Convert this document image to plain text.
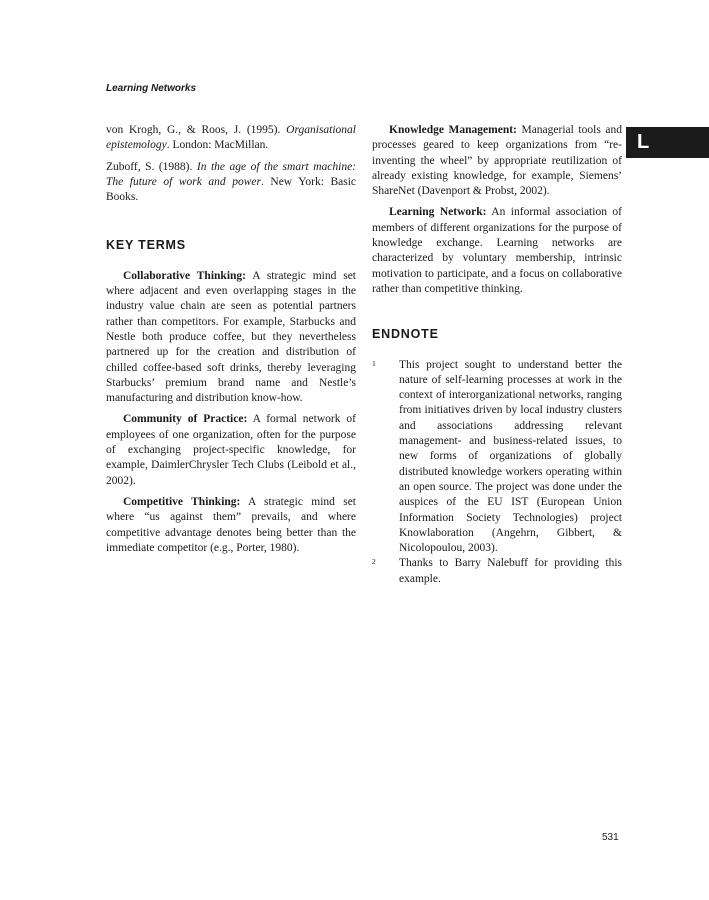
Learning Networks
L

von Krogh, G., & Roos, J. (1995). Organisational epistemology. London: MacMillan.

Zuboff, S. (1988). In the age of the smart machine: The future of work and power. New York: Basic Books.

KEY TERMS

Collaborative Thinking: A strategic mind set where adjacent and even overlapping stages in the industry value chain are seen as potential partners rather than competitors. For example, Starbucks and Nestle both produce coffee, but they nevertheless partnered up for the creation and distribution of chilled coffee-based soft drinks, thereby leveraging Starbucks’ premium brand name and Nestle’s manufacturing and distribution know-how.

Community of Practice: A formal network of employees of one organization, often for the purpose of exchanging project-specific knowledge, for example, DaimlerChrysler Tech Clubs (Leibold et al., 2002).

Competitive Thinking: A strategic mind set where “us against them” prevails, and where competitive advantage denotes being better than the immediate competitor (e.g., Porter, 1980).

Knowledge Management: Managerial tools and processes geared to keep organizations from “re-inventing the wheel” by appropriate reutilization of already existing knowledge, for example, Siemens’ ShareNet (Davenport & Probst, 2002).

Learning Network: An informal association of members of different organizations for the purpose of knowledge exchange. Learning networks are characterized by voluntary membership, intrinsic motivation to participate, and a focus on collaborative rather than competitive thinking.

ENDNOTE
1	This project sought to understand better the nature of self-learning processes at work in the context of interorganizational networks, ranging from initiatives driven by local industry clusters and associations addressing relevant management- and business-related issues, to new forms of organizations of globally distributed knowledge workers operating within an open source. The project was done under the auspices of the EU IST (European Union Information Society Technologies) project Knowlaboration (Angehrn, Gibbert, & Nicolopoulou, 2003).
2	Thanks to Barry Nalebuff for providing this example.
531
